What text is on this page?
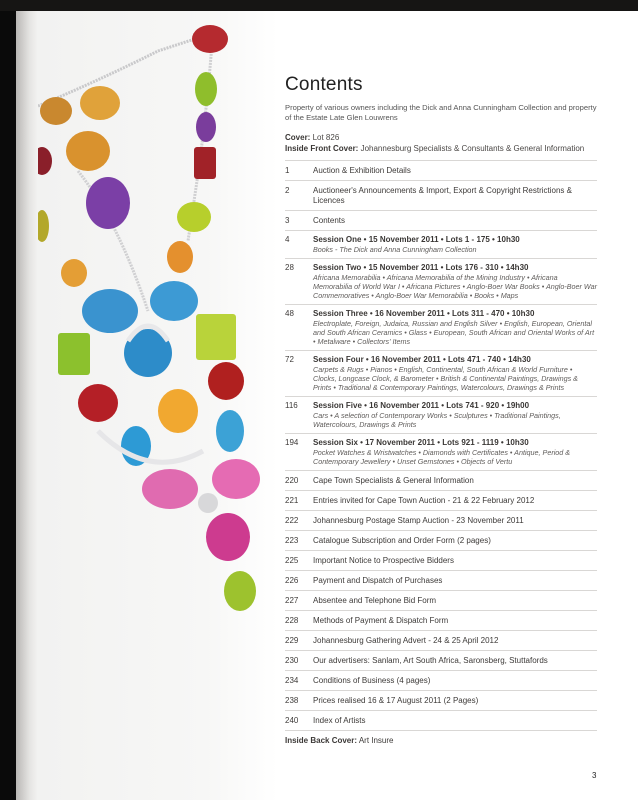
Contents
Property of various owners including the Dick and Anna Cunningham Collection and property of the Estate Late Glen Louwrens
Cover: Lot 826
Inside Front Cover: Johannesburg Specialists & Consultants & General Information
1	Auction & Exhibition Details
2	Auctioneer's Announcements & Import, Export & Copyright Restrictions & Licences
3	Contents
4	Session One • 15 November 2011 • Lots 1 - 175 • 10h30
Books - The Dick and Anna Cunningham Collection
28	Session Two • 15 November 2011 • Lots 176 - 310 • 14h30
Africana Memorabilia • Africana Memorabilia of the Mining Industry • Africana Memorabilia of World War I • Africana Pictures • Anglo-Boer War Books • Anglo-Boer War Commemoratives • Anglo-Boer War Memorabilia • Books • Maps
48	Session Three • 16 November 2011 • Lots 311 - 470 • 10h30
Electroplate, Foreign, Judaica, Russian and English Silver • English, European, Oriental and South African Ceramics • Glass • European, South African and Oriental Works of Art • Metalware • Collectors' Items
72	Session Four • 16 November 2011 • Lots 471 - 740 • 14h30
Carpets & Rugs • Pianos • English, Continental, South African & World Furniture • Clocks, Longcase Clock, & Barometer • British & Continental Paintings, Drawings & Prints • Traditional & Contemporary Paintings, Watercolours, Drawings & Prints
116	Session Five • 16 November 2011 • Lots 741 - 920 • 19h00
Cars • A selection of Contemporary Works • Sculptures • Traditional Paintings, Watercolours, Drawings & Prints
194	Session Six • 17 November 2011 • Lots 921 - 1119 • 10h30
Pocket Watches & Wristwatches • Diamonds with Certificates • Antique, Period & Contemporary Jewellery • Unset Gemstones • Objects of Vertu
220	Cape Town Specialists & General Information
221	Entries invited for Cape Town Auction - 21 & 22 February 2012
222	Johannesburg Postage Stamp Auction - 23 November 2011
223	Catalogue Subscription and Order Form (2 pages)
225	Important Notice to Prospective Bidders
226	Payment and Dispatch of Purchases
227	Absentee and Telephone Bid Form
228	Methods of Payment & Dispatch Form
229	Johannesburg Gathering Advert - 24 & 25 April 2012
230	Our advertisers: Sanlam, Art South Africa, Saronsberg, Stuttafords
234	Conditions of Business (4 pages)
238	Prices realised 16 & 17 August 2011 (2 Pages)
240	Index of Artists
Inside Back Cover: Art Insure
3
